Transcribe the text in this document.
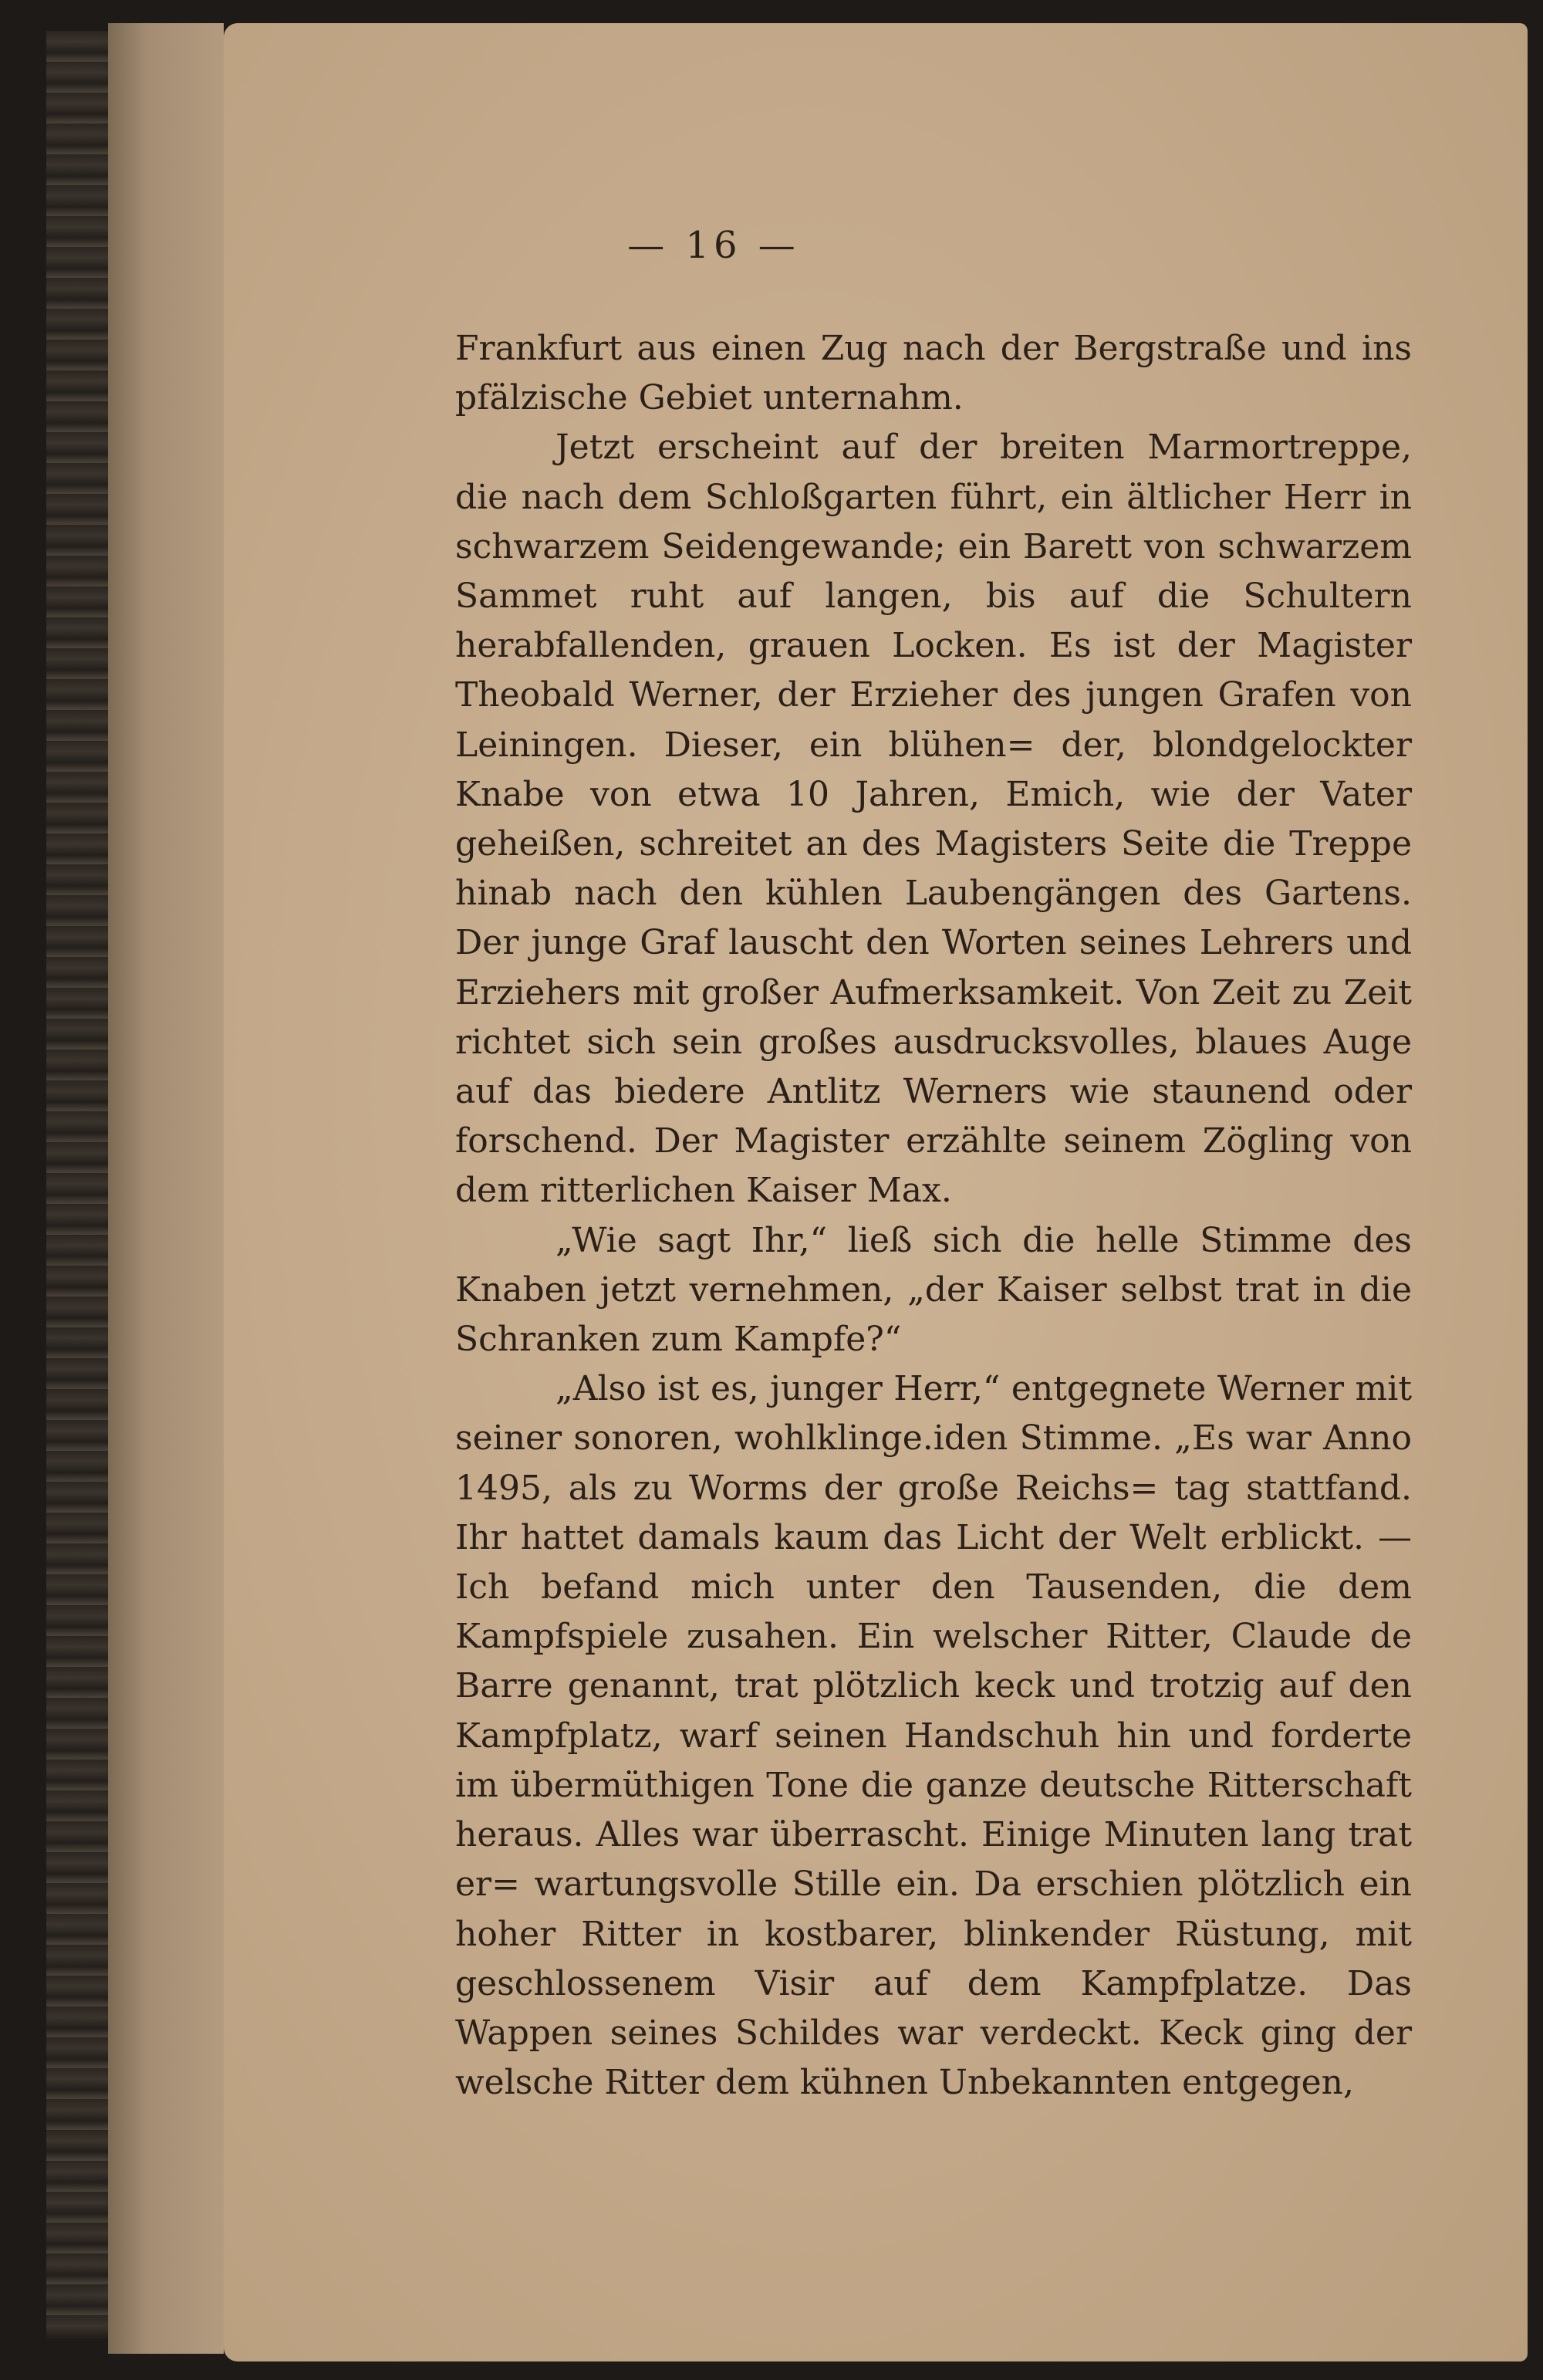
— 16 —

Frankfurt aus einen Zug nach der Bergstraße und ins pfälzische Gebiet unternahm.

Jetzt erscheint auf der breiten Marmortreppe, die nach dem Schloßgarten führt, ein ältlicher Herr in schwarzem Seidengewande; ein Barett von schwarzem Sammet ruht auf langen, bis auf die Schultern herabfallenden, grauen Locken. Es ist der Magister Theobald Werner, der Erzieher des jungen Grafen von Leiningen. Dieser, ein blühen= der, blondgelockter Knabe von etwa 10 Jahren, Emich, wie der Vater geheißen, schreitet an des Magisters Seite die Treppe hinab nach den kühlen Laubengängen des Gartens. Der junge Graf lauscht den Worten seines Lehrers und Erziehers mit großer Aufmerksamkeit. Von Zeit zu Zeit richtet sich sein großes ausdrucksvolles, blaues Auge auf das biedere Antlitz Werners wie staunend oder forschend. Der Magister erzählte seinem Zögling von dem ritterlichen Kaiser Max.

„Wie sagt Ihr,“ ließ sich die helle Stimme des Knaben jetzt vernehmen, „der Kaiser selbst trat in die Schranken zum Kampfe?“

„Also ist es, junger Herr,“ entgegnete Werner mit seiner sonoren, wohlklinge.iden Stimme. „Es war Anno 1495, als zu Worms der große Reichs= tag stattfand. Ihr hattet damals kaum das Licht der Welt erblickt. — Ich befand mich unter den Tausenden, die dem Kampfspiele zusahen. Ein welscher Ritter, Claude de Barre genannt, trat plötzlich keck und trotzig auf den Kampfplatz, warf seinen Handschuh hin und forderte im übermüthigen Tone die ganze deutsche Ritterschaft heraus. Alles war überrascht. Einige Minuten lang trat er= wartungsvolle Stille ein. Da erschien plötzlich ein hoher Ritter in kostbarer, blinkender Rüstung, mit geschlossenem Visir auf dem Kampfplatze. Das Wappen seines Schildes war verdeckt. Keck ging der welsche Ritter dem kühnen Unbekannten entgegen,
